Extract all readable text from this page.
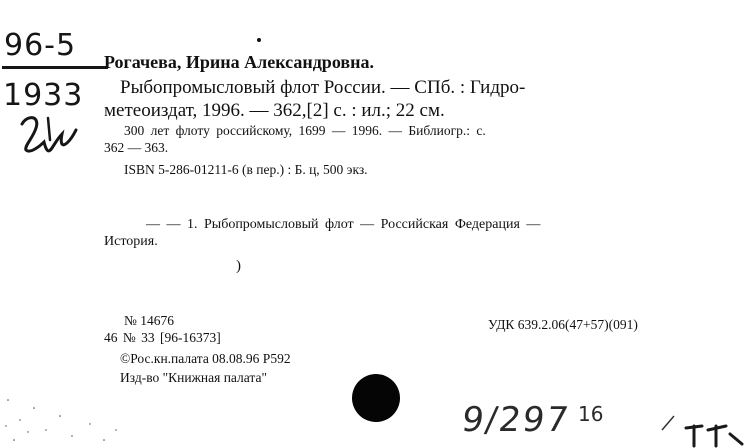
96-5
1933
Рогачева, Ирина Александровна.
Рыбопромысловый флот России. — СПб. : Гидро-
метеоиздат, 1996. — 362,[2] с. : ил.; 22 см.
300 лет флоту российскому, 1699 — 1996. — Библиогр.: с.
362 — 363.
ISBN 5-286-01211-6 (в пер.) : Б. ц, 500 экз.
— — 1. Рыбопромысловый флот — Российская Федерация —
История.
)
№ 14676	УДК 639.2.06(47+57)(091)
46 № 33 [96-16373]
©Рос.кн.палата 08.08.96 Р592
Изд-во "Книжная палата"
9/297 16
